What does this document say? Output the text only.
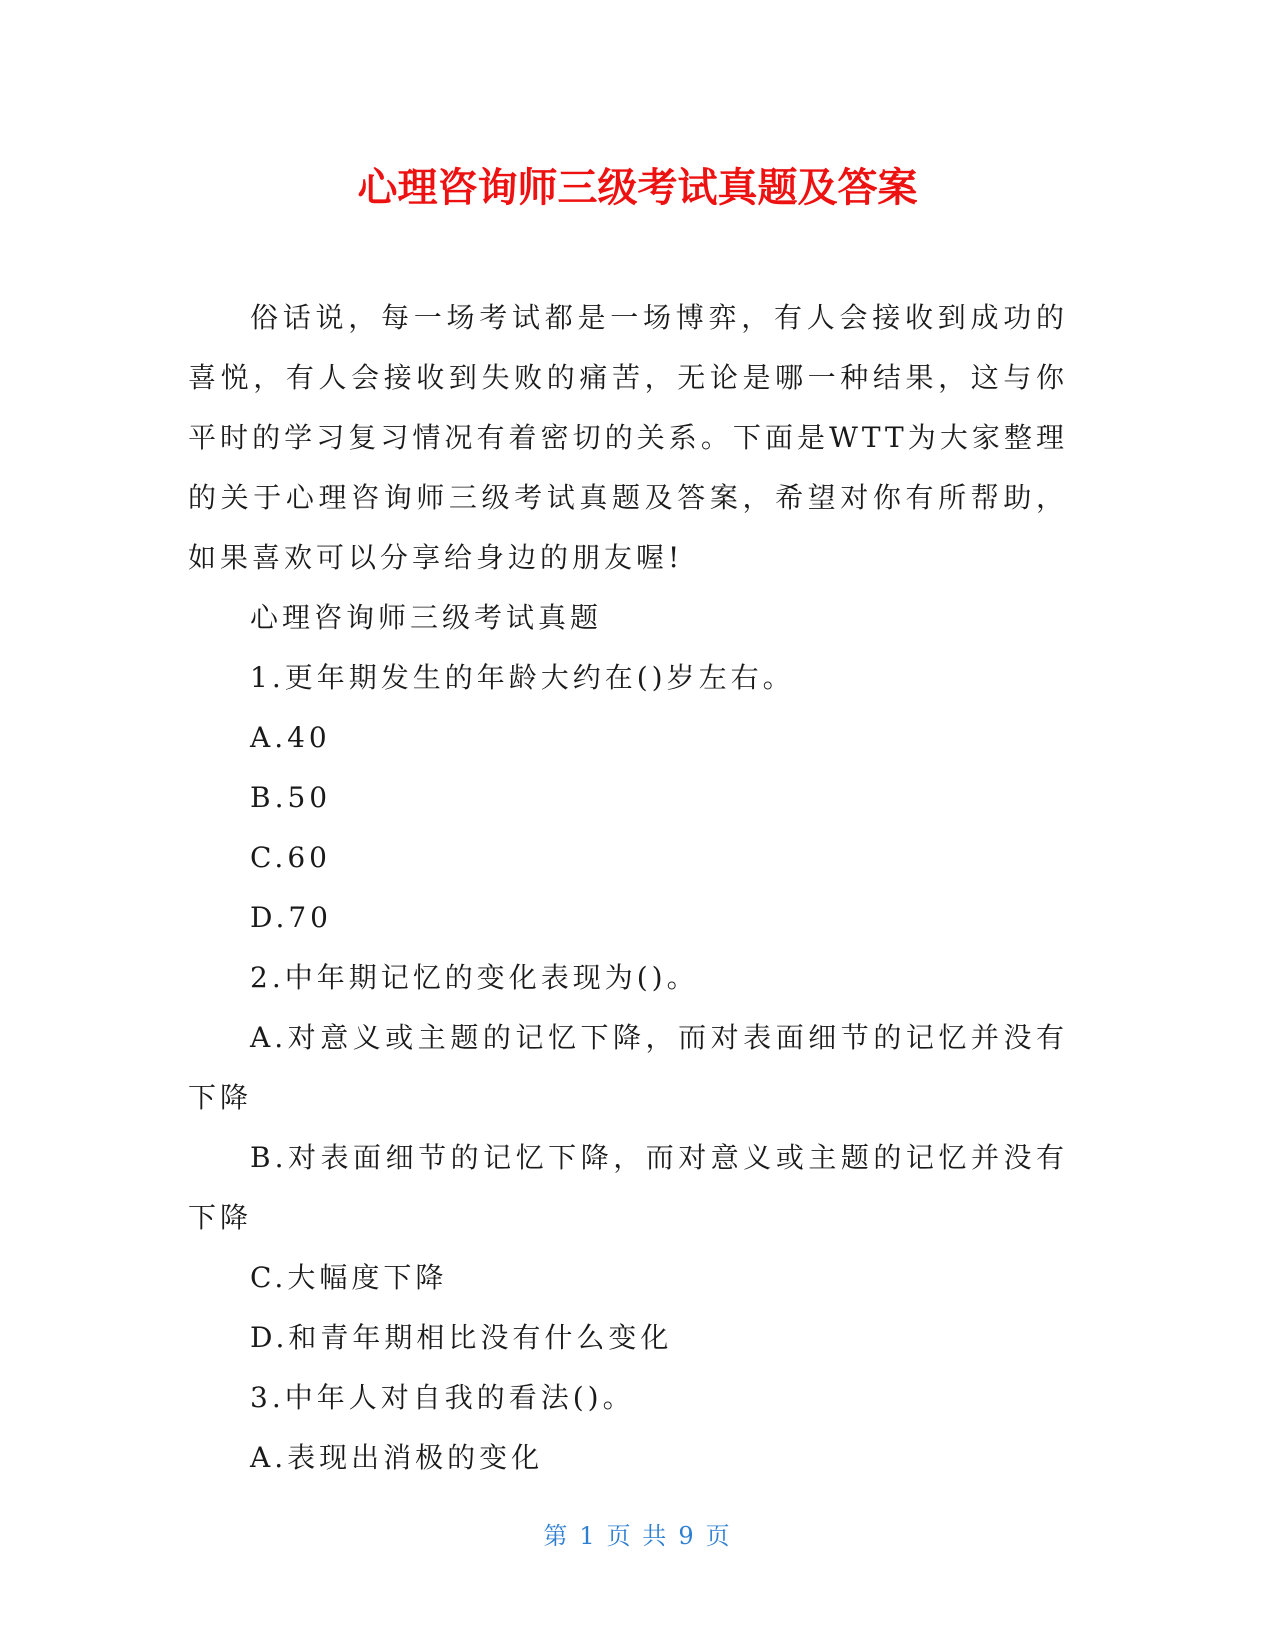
心理咨询师三级考试真题及答案

俗话说，每一场考试都是一场博弈，有人会接收到成功的喜悦，有人会接收到失败的痛苦，无论是哪一种结果，这与你平时的学习复习情况有着密切的关系。下面是WTT为大家整理的关于心理咨询师三级考试真题及答案，希望对你有所帮助，如果喜欢可以分享给身边的朋友喔!

心理咨询师三级考试真题

1.更年期发生的年龄大约在()岁左右。

A.40

B.50

C.60

D.70

2.中年期记忆的变化表现为()。

A.对意义或主题的记忆下降，而对表面细节的记忆并没有下降

B.对表面细节的记忆下降，而对意义或主题的记忆并没有下降

C.大幅度下降

D.和青年期相比没有什么变化

3.中年人对自我的看法()。

A.表现出消极的变化

第 1 页 共 9 页
